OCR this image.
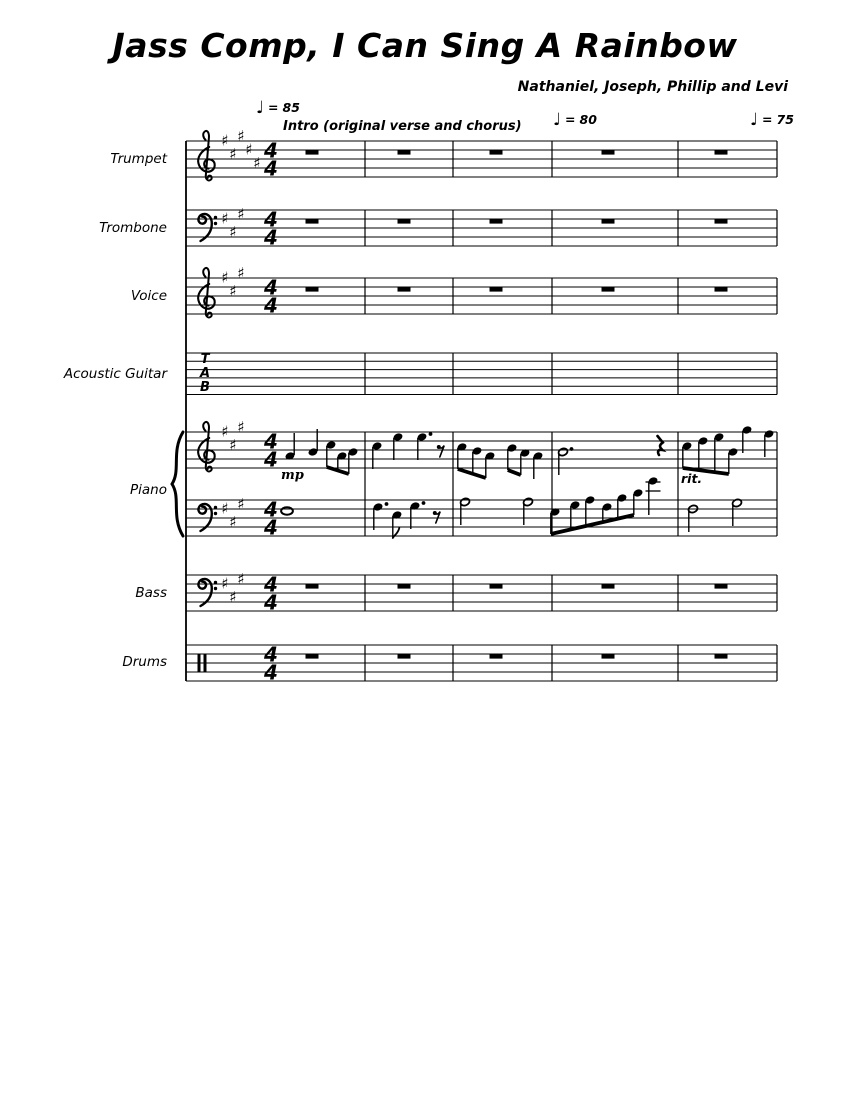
♯
♯
♯
♯
♯
4
4
♯
♯
♯ 4
4
♯
♯
♯
4
4
T
A
B
♯
♯
♯
4
4
♯
♯
♯ 4
4
♯
♯
♯ 4
4
4
4
Jass Comp, I Can Sing A Rainbow
Nathaniel, Joseph, Phillip and Levi
♩ = 85
♩ = 80	♩ = 75
Intro (original verse and chorus)
Trumpet
Trombone
Voice
Acoustic Guitar
Piano
Bass
Drums
mp	rit.
